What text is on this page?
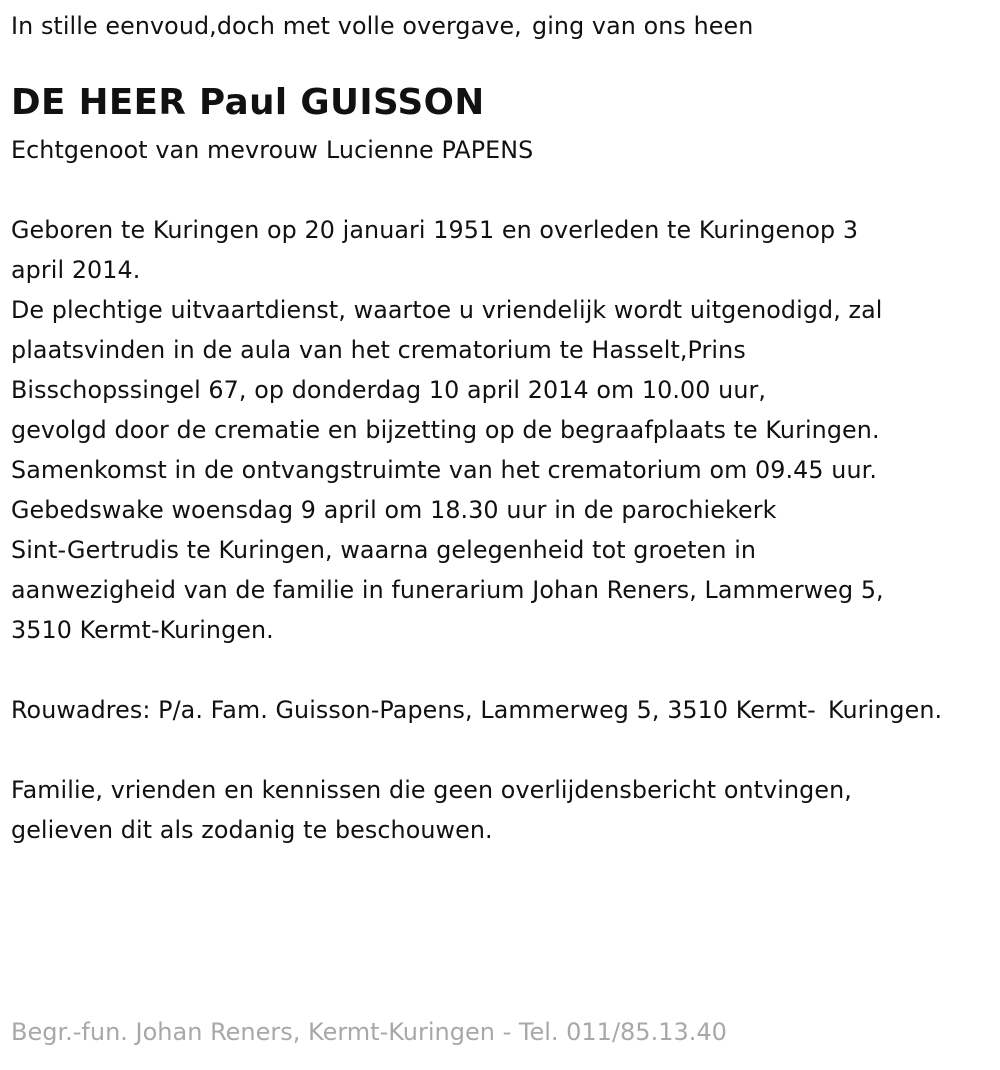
In stille eenvoud,doch met volle overgave, ging van ons heen
DE HEER Paul GUISSON
Echtgenoot van mevrouw Lucienne PAPENS
Geboren te Kuringen op 20 januari 1951 en overleden te Kuringenop 3 april 2014. De plechtige uitvaartdienst, waartoe u vriendelijk wordt uitgenodigd, zal plaatsvinden in de aula van het crematorium te Hasselt,Prins Bisschopssingel 67, op donderdag 10 april 2014 om 10.00 uur, gevolgd door de crematie en bijzetting op de begraafplaats te Kuringen. Samenkomst in de ontvangstruimte van het crematorium om 09.45 uur. Gebedswake woensdag 9 april om 18.30 uur in de parochiekerk Sint-Gertrudis te Kuringen, waarna gelegenheid tot groeten in aanwezigheid van de familie in funerarium Johan Reners, Lammerweg 5, 3510 Kermt-Kuringen.
Rouwadres: P/a. Fam. Guisson-Papens, Lammerweg 5, 3510 Kermt- Kuringen.
Familie, vrienden en kennissen die geen overlijdensbericht ontvingen, gelieven dit als zodanig te beschouwen.
Begr.-fun. Johan Reners, Kermt-Kuringen - Tel. 011/85.13.40
